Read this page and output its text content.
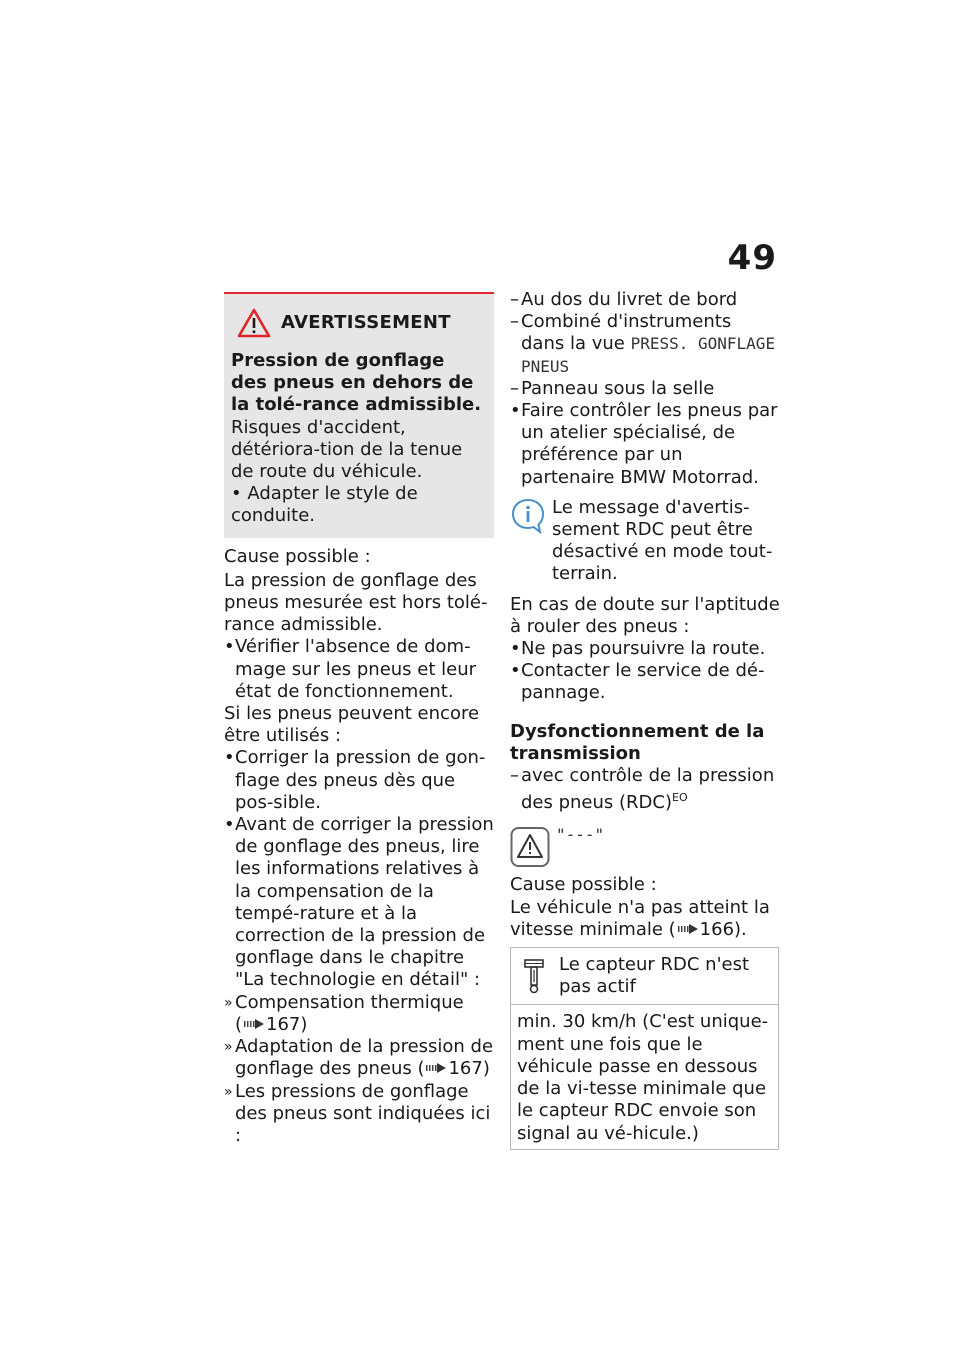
49
AVERTISSEMENT

Pression de gonflage des pneus en dehors de la tolé-rance admissible.

Risques d'accident, détériora-tion de la tenue de route du véhicule.

• Adapter le style de conduite.

Cause possible :

La pression de gonflage des pneus mesurée est hors tolé-rance admissible.

• Vérifier l'absence de dom-mage sur les pneus et leur état de fonctionnement.

Si les pneus peuvent encore être utilisés :

• Corriger la pression de gon-flage des pneus dès que pos-sible.
• Avant de corriger la pression de gonflage des pneus, lire les informations relatives à la compensation de la tempé-rature et à la correction de la pression de gonflage dans le chapitre "La technologie en détail" :
» Compensation thermique
( 167)
» Adaptation de la pression de gonflage des pneus ( 167)
» Les pressions de gonflage des pneus sont indiquées ici :
– Au dos du livret de bord
– Combiné d'instruments dans la vue PRESS. GONFLAGE PNEUS
– Panneau sous la selle
• Faire contrôler les pneus par un atelier spécialisé, de préférence par un partenaire BMW Motorrad.

Le message d'avertis-sement RDC peut être désactivé en mode tout-terrain.

En cas de doute sur l'aptitude à rouler des pneus :

• Ne pas poursuivre la route.
• Contacter le service de dé-pannage.

Dysfonctionnement de la transmission

– avec contrôle de la pression des pneus (RDC)$^{EO}$
"---"

Cause possible :

Le véhicule n'a pas atteint la vitesse minimale ( 166).

Le capteur RDC n'est pas actif
min. 30 km/h (C'est unique-ment une fois que le véhicule passe en dessous de la vi-tesse minimale que le capteur RDC envoie son signal au vé-hicule.)
